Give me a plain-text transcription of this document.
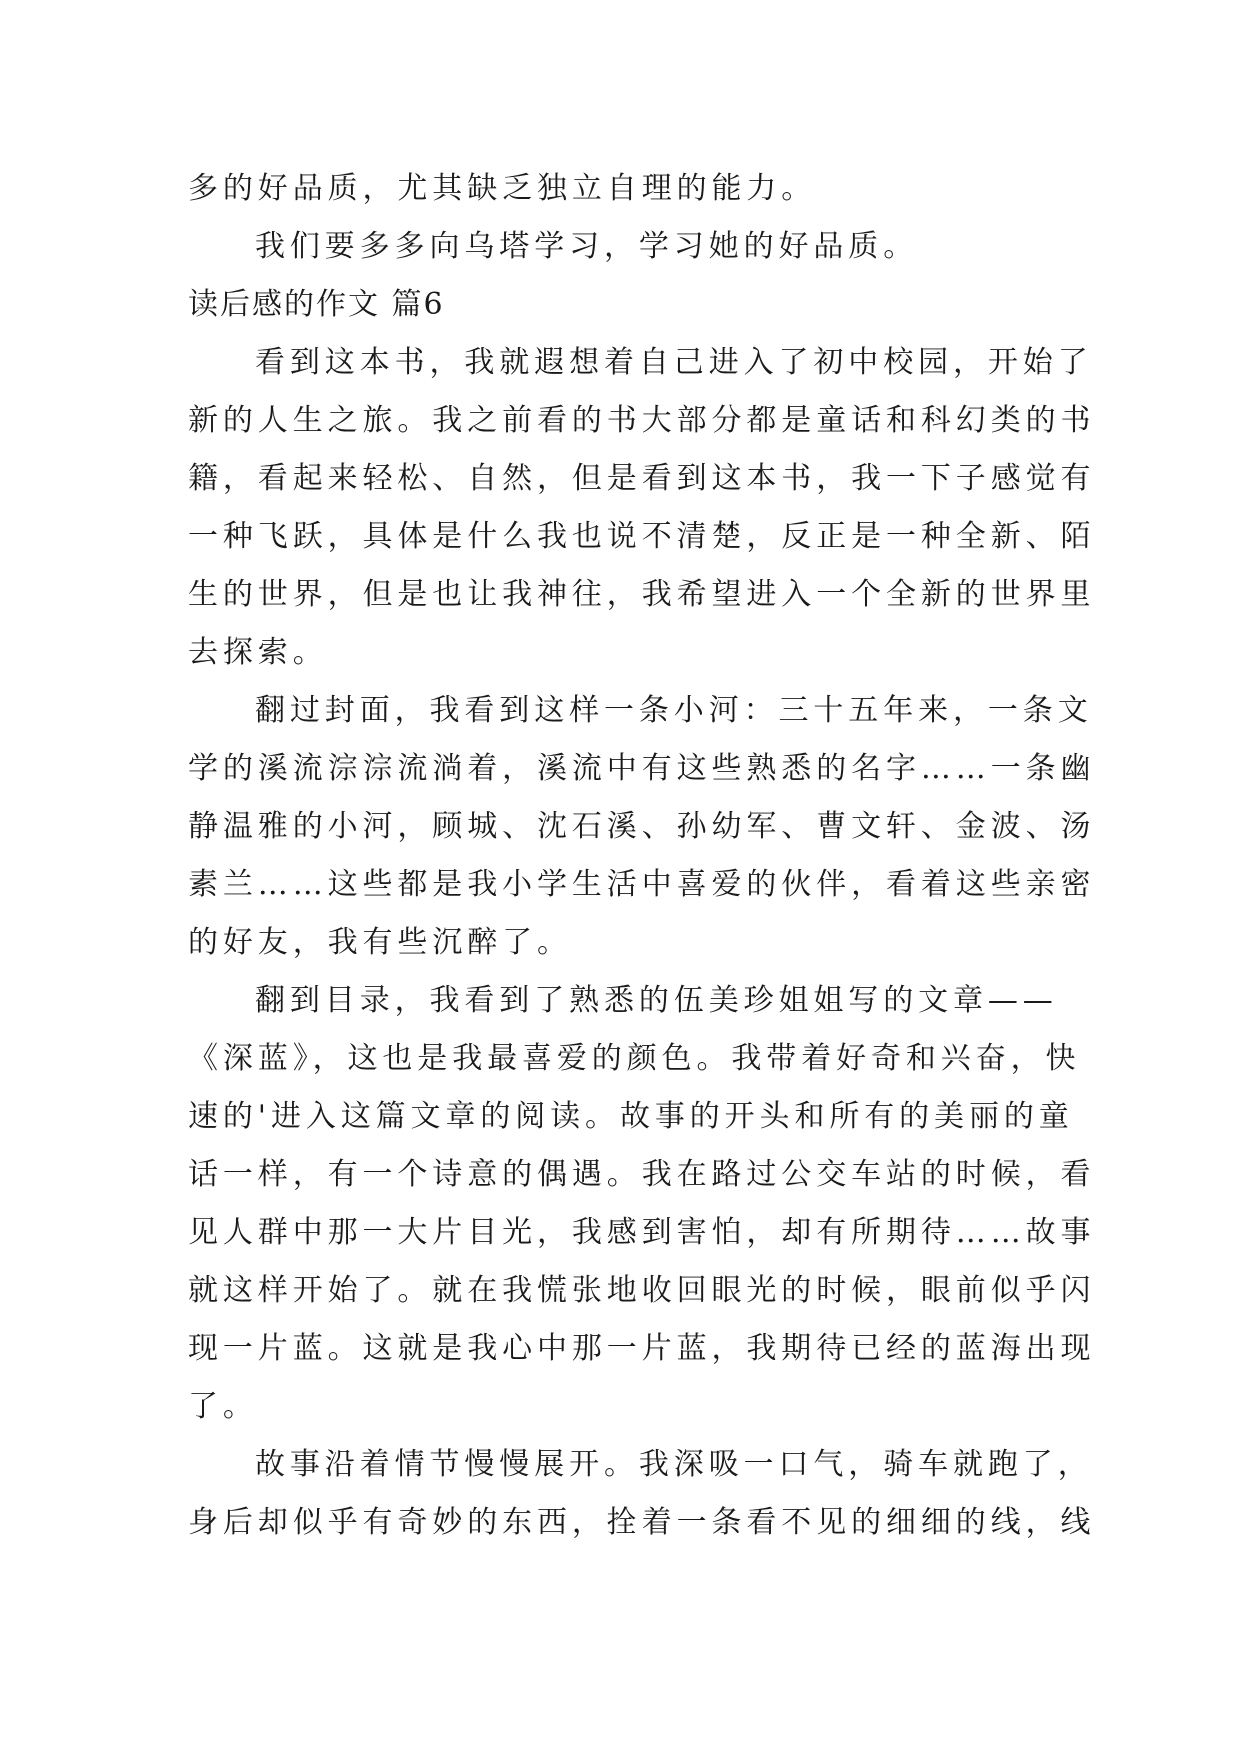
多的好品质，尤其缺乏独立自理的能力。
我们要多多向乌塔学习，学习她的好品质。
读后感的作文 篇6
看到这本书，我就遐想着自己进入了初中校园，开始了
新的人生之旅。我之前看的书大部分都是童话和科幻类的书
籍，看起来轻松、自然，但是看到这本书，我一下子感觉有
一种飞跃，具体是什么我也说不清楚，反正是一种全新、陌
生的世界，但是也让我神往，我希望进入一个全新的世界里
去探索。
翻过封面，我看到这样一条小河：三十五年来，一条文
学的溪流淙淙流淌着，溪流中有这些熟悉的名字……一条幽
静温雅的小河，顾城、沈石溪、孙幼军、曹文轩、金波、汤
素兰……这些都是我小学生活中喜爱的伙伴，看着这些亲密
的好友，我有些沉醉了。
翻到目录，我看到了熟悉的伍美珍姐姐写的文章——
《深蓝》，这也是我最喜爱的颜色。我带着好奇和兴奋，快
速的'进入这篇文章的阅读。故事的开头和所有的美丽的童
话一样，有一个诗意的偶遇。我在路过公交车站的时候，看
见人群中那一大片目光，我感到害怕，却有所期待……故事
就这样开始了。就在我慌张地收回眼光的时候，眼前似乎闪
现一片蓝。这就是我心中那一片蓝，我期待已经的蓝海出现
了。
故事沿着情节慢慢展开。我深吸一口气，骑车就跑了，
身后却似乎有奇妙的东西，拴着一条看不见的细细的线，线
